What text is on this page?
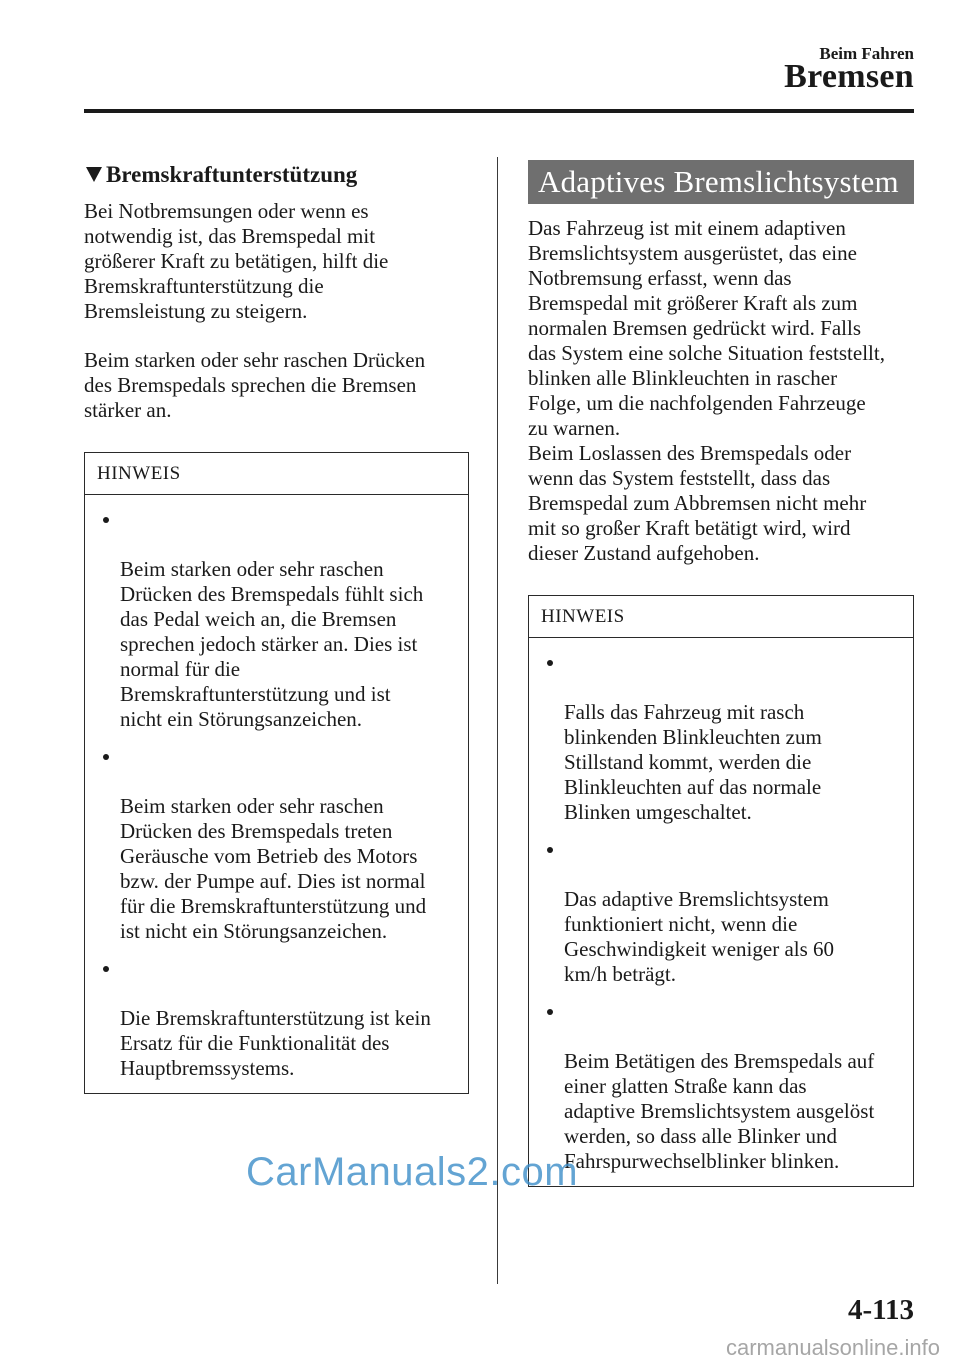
Beim Fahren
Bremsen
Bremskraftunterstützung

Bei Notbremsungen oder wenn es
notwendig ist, das Bremspedal mit
größerer Kraft zu betätigen, hilft die
Bremskraftunterstützung die
Bremsleistung zu steigern.

Beim starken oder sehr raschen Drücken
des Bremspedals sprechen die Bremsen
stärker an.

HINWEIS

Beim starken oder sehr raschen
Drücken des Bremspedals fühlt sich
das Pedal weich an, die Bremsen
sprechen jedoch stärker an. Dies ist
normal für die
Bremskraftunterstützung und ist
nicht ein Störungsanzeichen.

Beim starken oder sehr raschen
Drücken des Bremspedals treten
Geräusche vom Betrieb des Motors
bzw. der Pumpe auf. Dies ist normal
für die Bremskraftunterstützung und
ist nicht ein Störungsanzeichen.

Die Bremskraftunterstützung ist kein
Ersatz für die Funktionalität des
Hauptbremssystems.

Adaptives Bremslichtsystem

Das Fahrzeug ist mit einem adaptiven
Bremslichtsystem ausgerüstet, das eine
Notbremsung erfasst, wenn das
Bremspedal mit größerer Kraft als zum
normalen Bremsen gedrückt wird. Falls
das System eine solche Situation feststellt,
blinken alle Blinkleuchten in rascher
Folge, um die nachfolgenden Fahrzeuge
zu warnen.
Beim Loslassen des Bremspedals oder
wenn das System feststellt, dass das
Bremspedal zum Abbremsen nicht mehr
mit so großer Kraft betätigt wird, wird
dieser Zustand aufgehoben.

HINWEIS

Falls das Fahrzeug mit rasch
blinkenden Blinkleuchten zum
Stillstand kommt, werden die
Blinkleuchten auf das normale
Blinken umgeschaltet.

Das adaptive Bremslichtsystem
funktioniert nicht, wenn die
Geschwindigkeit weniger als 60
km/h beträgt.

Beim Betätigen des Bremspedals auf
einer glatten Straße kann das
adaptive Bremslichtsystem ausgelöst
werden, so dass alle Blinker und
Fahrspurwechselblinker blinken.

CarManuals2.com
4-113
carmanualsonline.info
